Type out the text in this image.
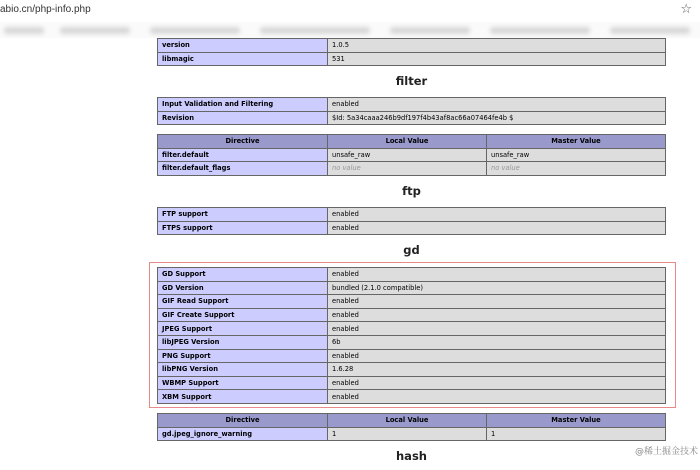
abio.cn/php-info.php	☆
version	1.0.5
libmagic	531
filter
Input Validation and Filtering	enabled
Revision	$Id: 5a34caaa246b9df197f4b43af8ac66a07464fe4b $
Directive	Local Value	Master Value
filter.default	unsafe_raw	unsafe_raw
filter.default_flags	no value	no value
ftp
FTP support	enabled
FTPS support	enabled
gd
GD Support	enabled
GD Version	bundled (2.1.0 compatible)
GIF Read Support	enabled
GIF Create Support	enabled
JPEG Support	enabled
libJPEG Version	6b
PNG Support	enabled
libPNG Version	1.6.28
WBMP Support	enabled
XBM Support	enabled
Directive	Local Value	Master Value
gd.jpeg_ignore_warning	1	1
hash	@稀土掘金技术
